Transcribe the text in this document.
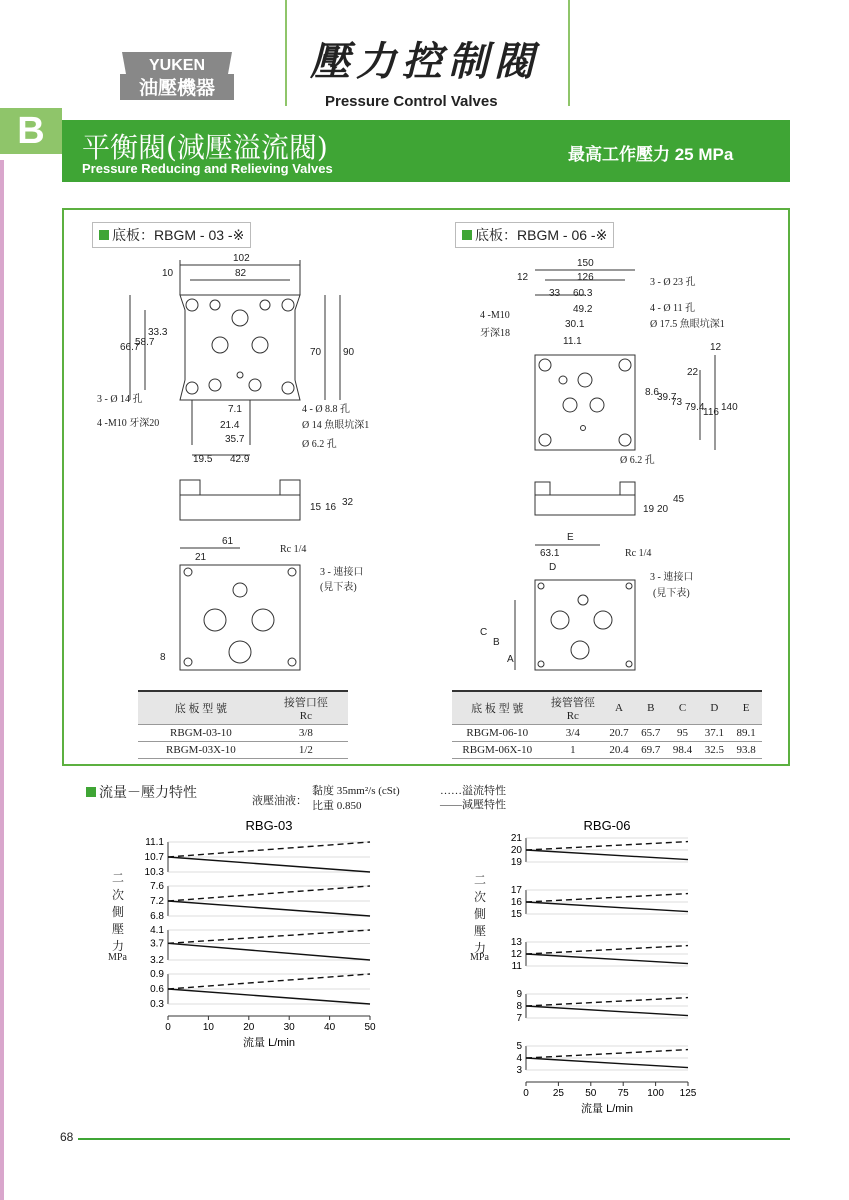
YUKEN
油壓機器
壓力控制閥
Pressure Control Valves
B	平衡閥(減壓溢流閥)
Pressure Reducing and Relieving Valves
最高工作壓力 25 MPa
底板：RBGM - 03 -※	底板：RBGM - 06 -※
102
10	82
66.7
58.7
33.3
70 90
7.1
21.4
35.7
19.5 42.9
15 16 32
61
21
8
3 - Ø 14 孔
4 -M10 牙深20
4 - Ø 8.8 孔
Ø 14 魚眼坑深1
Ø 6.2 孔
Rc 1/4
3 - 連接口
(見下表)
150
12	126
33 60.3
49.2
30.1
11.1
12
22
8.6
39.7
73 79.4
116 140
19 20
45
E
63.1
D
C
B
A
3 - Ø 23 孔
4 - Ø 11 孔
Ø 17.5 魚眼坑深1
4 -M10
牙深18
Ø 6.2 孔
Rc 1/4
3 - 連接口
(見下表)
底 板 型 號	接管口徑
Rc
RBGM-03-10	3/8
RBGM-03X-10	1/2
底 板 型 號	接管管徑
Rc	A	B	C	D	E
RBGM-06-10	3/4	20.7	65.7	95	37.1	89.1
RBGM-06X-10	1	20.4	69.7	98.4	32.5	93.8
流量－壓力特性
液壓油液：
黏度 35mm²/s (cSt)
比重 0.850
……溢流特性
——減壓特性
二
次
側
壓
力
MPa
二
次
側
壓
力
MPa
RBG-03
11.1
10.7
10.3
7.6
7.2
6.8
4.1
3.7
3.2
0.9
0.6
0.3
0	10	20	30	40	50
流量 L/min
RBG-06
21
20
19
17
16
15
13
12
11
9
8
7
5
4
3
0 25 50 75 100 125
流量 L/min
68
